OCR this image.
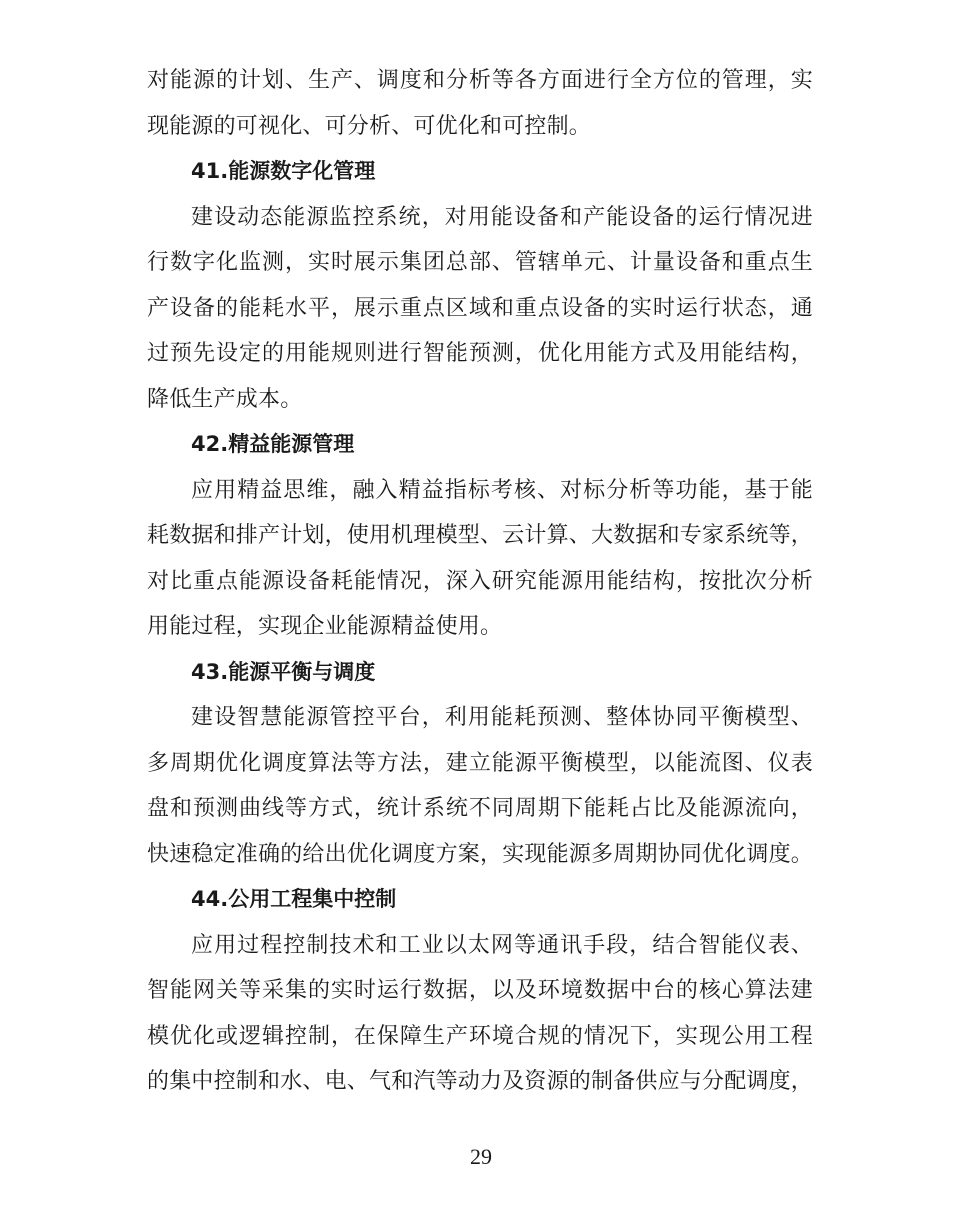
对能源的计划、生产、调度和分析等各方面进行全方位的管理，实
现能源的可视化、可分析、可优化和可控制。
41.能源数字化管理
建设动态能源监控系统，对用能设备和产能设备的运行情况进
行数字化监测，实时展示集团总部、管辖单元、计量设备和重点生
产设备的能耗水平，展示重点区域和重点设备的实时运行状态，通
过预先设定的用能规则进行智能预测，优化用能方式及用能结构，
降低生产成本。
42.精益能源管理
应用精益思维，融入精益指标考核、对标分析等功能，基于能
耗数据和排产计划，使用机理模型、云计算、大数据和专家系统等，
对比重点能源设备耗能情况，深入研究能源用能结构，按批次分析
用能过程，实现企业能源精益使用。
43.能源平衡与调度
建设智慧能源管控平台，利用能耗预测、整体协同平衡模型、
多周期优化调度算法等方法，建立能源平衡模型，以能流图、仪表
盘和预测曲线等方式，统计系统不同周期下能耗占比及能源流向，
快速稳定准确的给出优化调度方案，实现能源多周期协同优化调度。
44.公用工程集中控制
应用过程控制技术和工业以太网等通讯手段，结合智能仪表、
智能网关等采集的实时运行数据，以及环境数据中台的核心算法建
模优化或逻辑控制，在保障生产环境合规的情况下，实现公用工程
的集中控制和水、电、气和汽等动力及资源的制备供应与分配调度，
29
